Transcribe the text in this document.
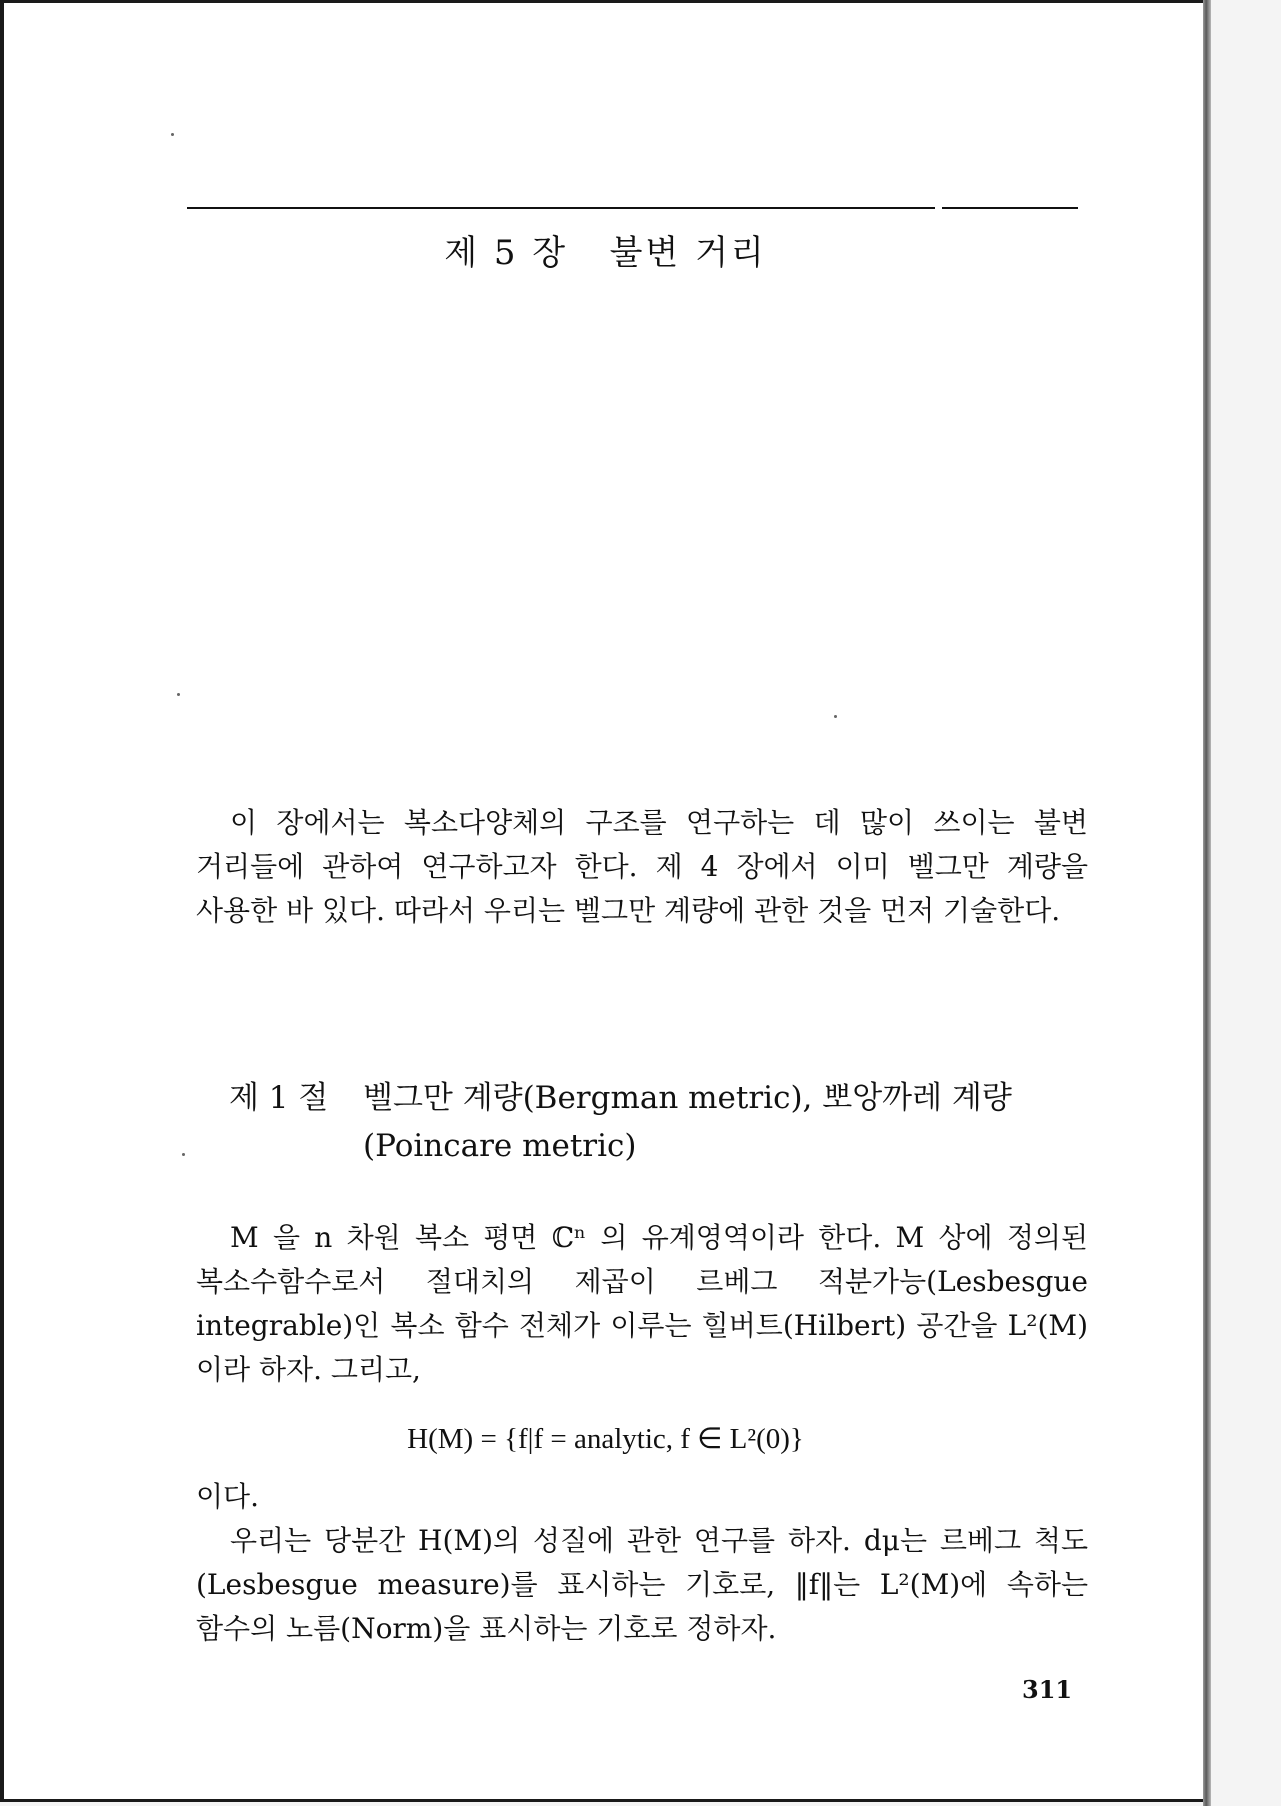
제 5 장   불변 거리
이 장에서는 복소다양체의 구조를 연구하는 데 많이 쓰이는 불변 거리들에 관하여 연구하고자 한다. 제 4 장에서 이미 벨그만 계량을 사용한 바 있다. 따라서 우리는 벨그만 계량에 관한 것을 먼저 기술한다.
제 1 절 벨그만 계량(Bergman metric), 뽀앙까레 계량
(Poincare metric)
M 을 n 차원 복소 평면 ℂⁿ 의 유계영역이라 한다. M 상에 정의된 복소수함수로서 절대치의 제곱이 르베그 적분가능(Lesbesgue integrable)인 복소 함수 전체가 이루는 힐버트(Hilbert) 공간을 L²(M)이라 하자. 그리고,
H(M) = {f|f = analytic, f ∈ L²(0)}
이다.
우리는 당분간 H(M)의 성질에 관한 연구를 하자. dμ는 르베그 척도(Lesbesgue measure)를 표시하는 기호로, ‖f‖는 L²(M)에 속하는 함수의 노름(Norm)을 표시하는 기호로 정하자.
311
